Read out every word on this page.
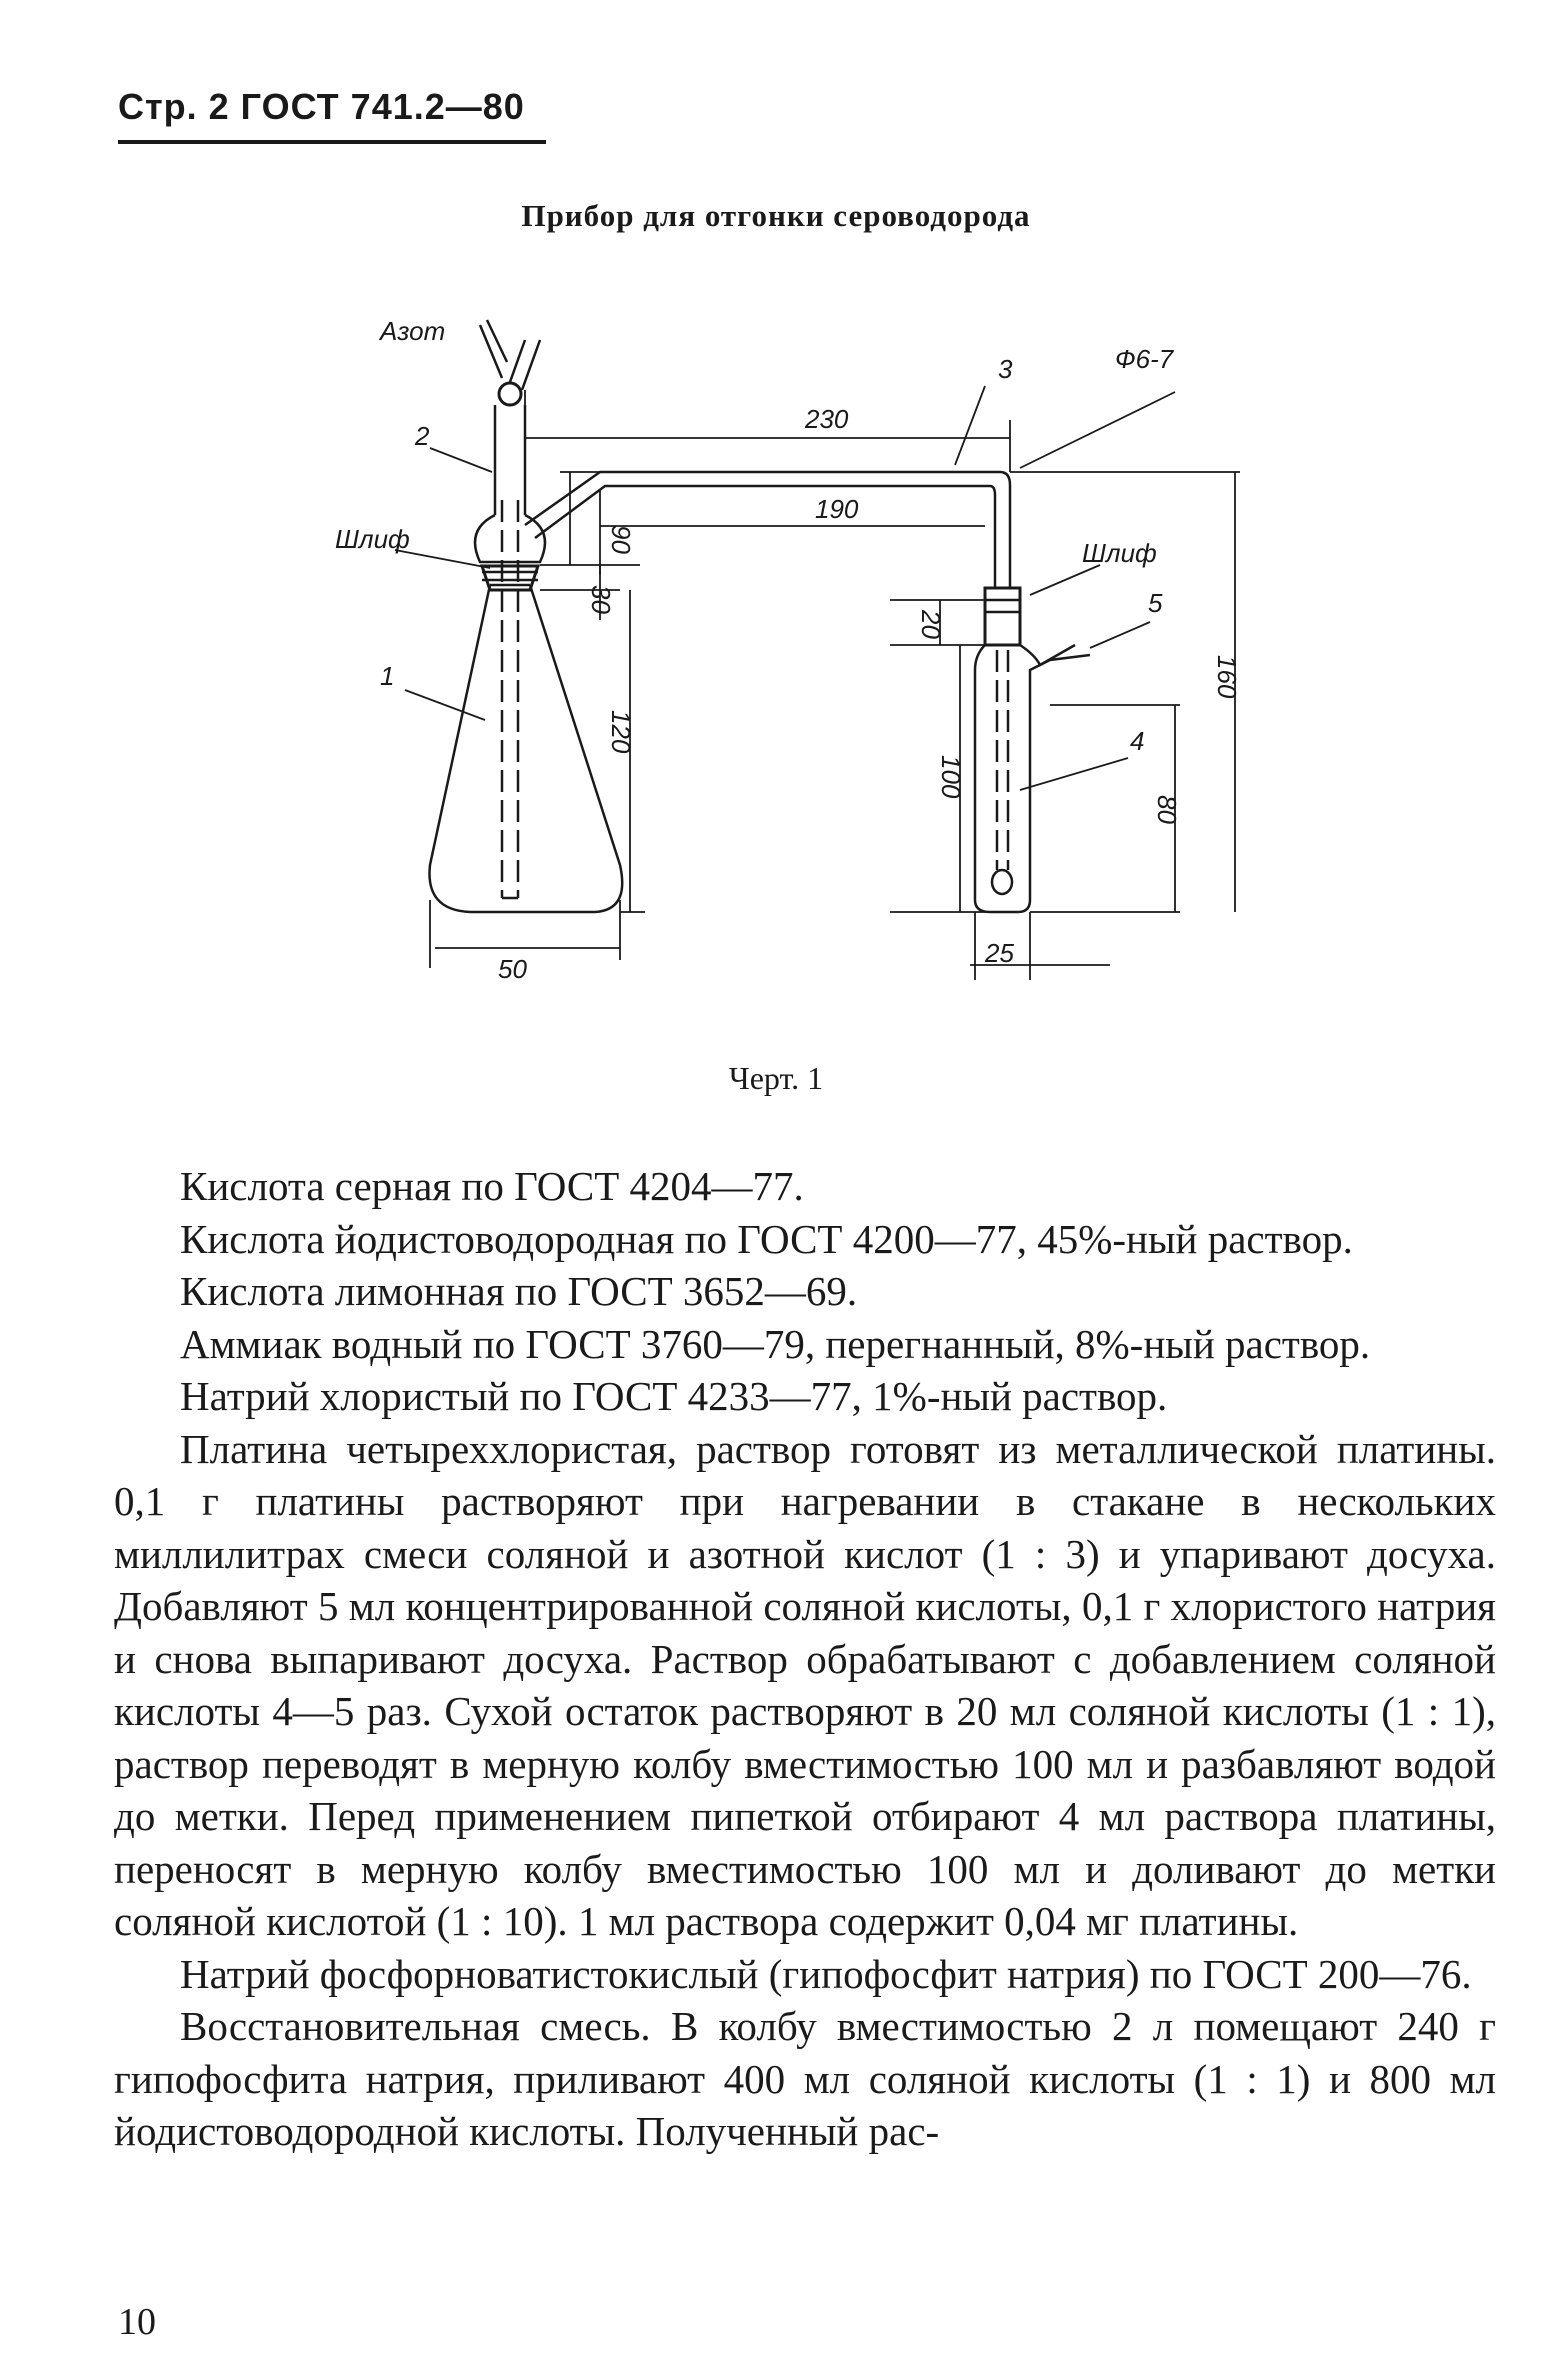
Стр. 2 ГОСТ 741.2—80
Прибор для отгонки сероводорода
Азот
2
Шлиф
1
3	Ф6-7
Шлиф
5
4
230
190
25
50
90
30
120
20
100
80
160
Черт. 1

Кислота серная по ГОСТ 4204—77.

Кислота йодистоводородная по ГОСТ 4200—77, 45%-ный раствор.

Кислота лимонная по ГОСТ 3652—69.

Аммиак водный по ГОСТ 3760—79, перегнанный, 8%-ный раствор.

Натрий хлористый по ГОСТ 4233—77, 1%-ный раствор.

Платина четыреххлористая, раствор готовят из металлической платины. 0,1 г платины растворяют при нагревании в стакане в нескольких миллилитрах смеси соляной и азотной кислот (1 : 3) и упаривают досуха. Добавляют 5 мл концентрированной соляной кислоты, 0,1 г хлористого натрия и снова выпаривают досуха. Раствор обрабатывают с добавлением соляной кислоты 4—5 раз. Сухой остаток растворяют в 20 мл соляной кислоты (1 : 1), раствор переводят в мерную колбу вместимостью 100 мл и разбавляют водой до метки. Перед применением пипеткой отбирают 4 мл раствора платины, переносят в мерную колбу вместимостью 100 мл и доливают до метки соляной кислотой (1 : 10). 1 мл раствора содержит 0,04 мг платины.

Натрий фосфорноватистокислый (гипофосфит натрия) по ГОСТ 200—76.

Восстановительная смесь. В колбу вместимостью 2 л помещают 240 г гипофосфита натрия, приливают 400 мл соляной кислоты (1 : 1) и 800 мл йодистоводородной кислоты. Полученный рас-

10
